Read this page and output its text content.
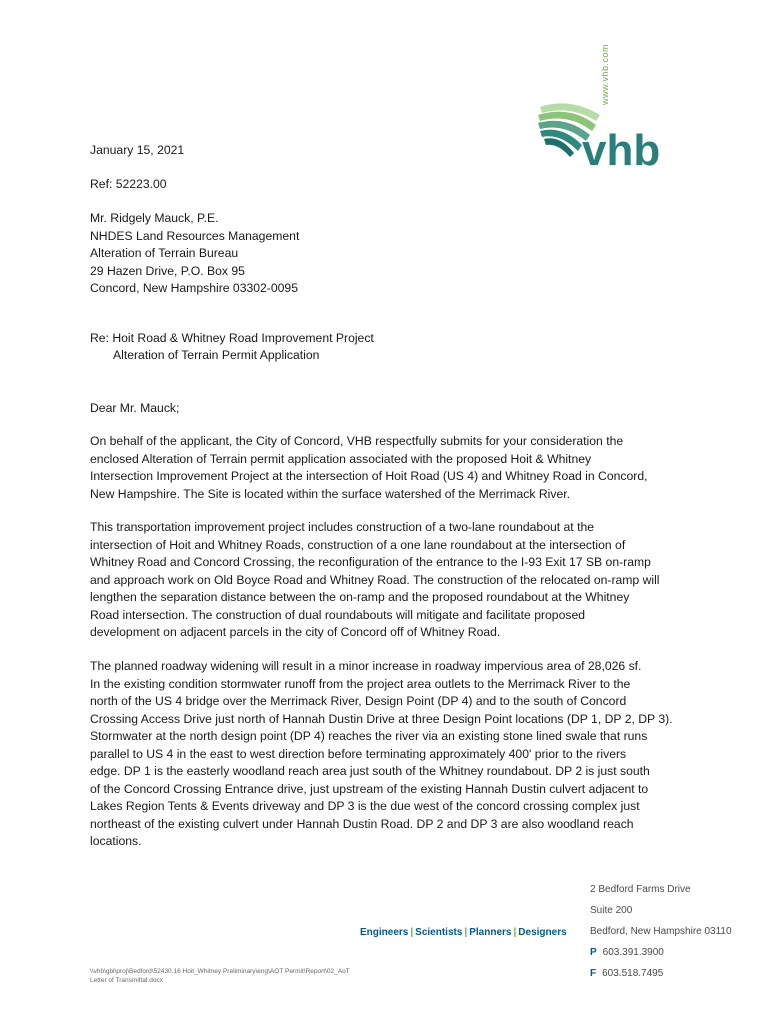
www.vhb.com
vhb
January 15, 2021
Ref: 52223.00
Mr. Ridgely Mauck, P.E.
NHDES Land Resources Management
Alteration of Terrain Bureau
29 Hazen Drive, P.O. Box 95
Concord, New Hampshire 03302-0095
Re: Hoit Road & Whitney Road Improvement Project
Alteration of Terrain Permit Application
Dear Mr. Mauck;
On behalf of the applicant, the City of Concord, VHB respectfully submits for your consideration the
enclosed Alteration of Terrain permit application associated with the proposed Hoit & Whitney
Intersection Improvement Project at the intersection of Hoit Road (US 4) and Whitney Road in Concord,
New Hampshire. The Site is located within the surface watershed of the Merrimack River.
This transportation improvement project includes construction of a two-lane roundabout at the
intersection of Hoit and Whitney Roads, construction of a one lane roundabout at the intersection of
Whitney Road and Concord Crossing, the reconfiguration of the entrance to the I-93 Exit 17 SB on-ramp
and approach work on Old Boyce Road and Whitney Road. The construction of the relocated on-ramp will
lengthen the separation distance between the on-ramp and the proposed roundabout at the Whitney
Road intersection. The construction of dual roundabouts will mitigate and facilitate proposed
development on adjacent parcels in the city of Concord off of Whitney Road.
The planned roadway widening will result in a minor increase in roadway impervious area of 28,026 sf.
In the existing condition stormwater runoff from the project area outlets to the Merrimack River to the
north of the US 4 bridge over the Merrimack River, Design Point (DP 4) and to the south of Concord
Crossing Access Drive just north of Hannah Dustin Drive at three Design Point locations (DP 1, DP 2, DP 3).
Stormwater at the north design point (DP 4) reaches the river via an existing stone lined swale that runs
parallel to US 4 in the east to west direction before terminating approximately 400' prior to the rivers
edge. DP 1 is the easterly woodland reach area just south of the Whitney roundabout. DP 2 is just south
of the Concord Crossing Entrance drive, just upstream of the existing Hannah Dustin culvert adjacent to
Lakes Region Tents & Events driveway and DP 3 is the due west of the concord crossing complex just
northeast of the existing culvert under Hannah Dustin Road. DP 2 and DP 3 are also woodland reach
locations.
Engineers | Scientists | Planners | Designers
2 Bedford Farms Drive
Suite 200
Bedford, New Hampshire 03110
P 603.391.3900
F 603.518.7495
\\vhb\gbl\proj\Bedford\52430.16 Hoit_Whitney Preliminary\eng\AOT Permit\Report\02_AoT
Letter of Transmittal.docx
